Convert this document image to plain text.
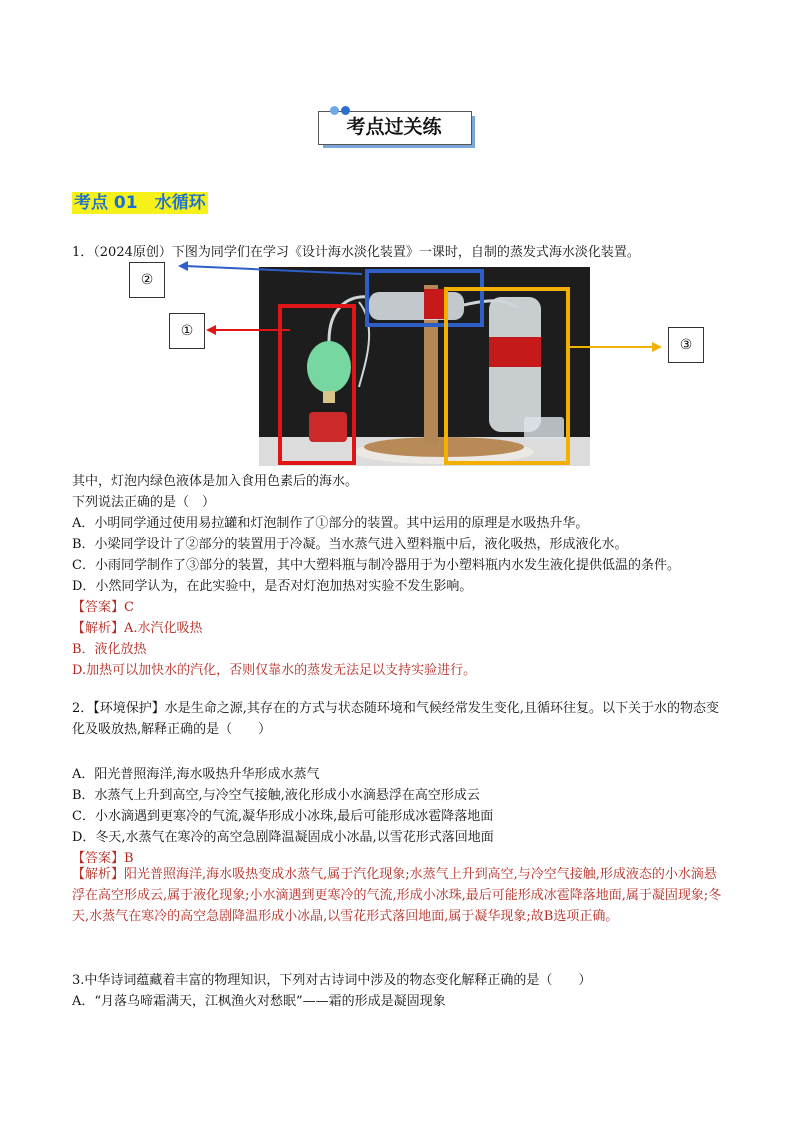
考点过关练
考点 01　水循环
1．（2024原创）下图为同学们在学习《设计海水淡化装置》一课时，自制的蒸发式海水淡化装置。
②
①
③
其中，灯泡内绿色液体是加入食用色素后的海水。
下列说法正确的是（　）
A．小明同学通过使用易拉罐和灯泡制作了①部分的装置。其中运用的原理是水吸热升华。
B．小梁同学设计了②部分的装置用于冷凝。当水蒸气进入塑料瓶中后，液化吸热，形成液化水。
C．小雨同学制作了③部分的装置，其中大塑料瓶与制冷器用于为小塑料瓶内水发生液化提供低温的条件。
D．小然同学认为，在此实验中，是否对灯泡加热对实验不发生影响。
【答案】C
【解析】A.水汽化吸热
B．液化放热
D.加热可以加快水的汽化，否则仅靠水的蒸发无法足以支持实验进行。
2．【环境保护】水是生命之源,其存在的方式与状态随环境和气候经常发生变化,且循环往复。以下关于水的物态变化及吸放热,解释正确的是（　　）
A．阳光普照海洋,海水吸热升华形成水蒸气
B．水蒸气上升到高空,与冷空气接触,液化形成小水滴悬浮在高空形成云
C．小水滴遇到更寒冷的气流,凝华形成小冰珠,最后可能形成冰雹降落地面
D．冬天,水蒸气在寒冷的高空急剧降温凝固成小冰晶,以雪花形式落回地面
【答案】B
【解析】阳光普照海洋,海水吸热变成水蒸气,属于汽化现象;水蒸气上升到高空,与冷空气接触,形成液态的小水滴悬浮在高空形成云,属于液化现象;小水滴遇到更寒冷的气流,形成小冰珠,最后可能形成冰雹降落地面,属于凝固现象;冬天,水蒸气在寒冷的高空急剧降温形成小冰晶,以雪花形式落回地面,属于凝华现象;故B选项正确。
3.中华诗词蕴藏着丰富的物理知识，下列对古诗词中涉及的物态变化解释正确的是（　　）
A．“月落乌啼霜满天，江枫渔火对愁眠”——霜的形成是凝固现象
